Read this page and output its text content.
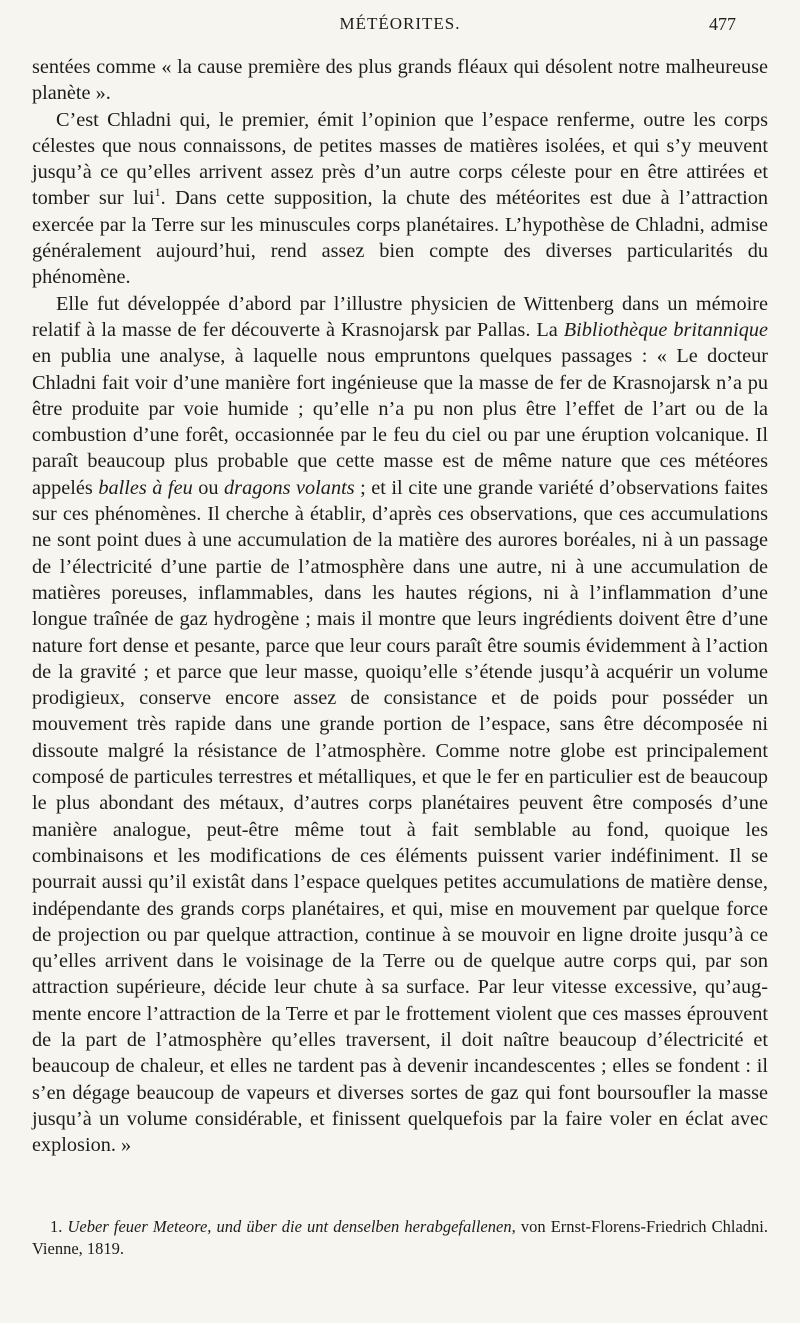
MÉTÉORITES.	477

sentées comme « la cause première des plus grands fléaux qui désolent notre malheureuse planète ».

C’est Chladni qui, le premier, émit l’opinion que l’espace renferme, outre les corps célestes que nous connaissons, de petites masses de matières isolées, et qui s’y meuvent jusqu’à ce qu’elles arrivent assez près d’un autre corps céleste pour en être attirées et tomber sur lui$^1$. Dans cette supposition, la chute des météorites est due à l’attraction exercée par la Terre sur les minuscules corps planétaires. L’hypothèse de Chladni, admise généralement aujourd’hui, rend assez bien compte des diverses particularités du phénomène.

Elle fut développée d’abord par l’illustre physicien de Wittenberg dans un mémoire relatif à la masse de fer découverte à Krasnojarsk par Pallas. La Bibliothèque britannique en publia une analyse, à laquelle nous empruntons quelques passages : « Le docteur Chladni fait voir d’une manière fort ingénieuse que la masse de fer de Krasnojarsk n’a pu être produite par voie humide ; qu’elle n’a pu non plus être l’effet de l’art ou de la combustion d’une forêt, occasionnée par le feu du ciel ou par une éruption volcanique. Il paraît beaucoup plus probable que cette masse est de même nature que ces météores appelés balles à feu ou dragons volants ; et il cite une grande variété d’observations faites sur ces phénomènes. Il cherche à établir, d’après ces observations, que ces accumulations ne sont point dues à une accumulation de la matière des aurores boréales, ni à un passage de l’électricité d’une partie de l’atmosphère dans une autre, ni à une accumulation de matières poreuses, inflammables, dans les hautes régions, ni à l’inflammation d’une longue traînée de gaz hydrogène ; mais il montre que leurs ingrédients doivent être d’une nature fort dense et pesante, parce que leur cours paraît être soumis évidemment à l’action de la gravité ; et parce que leur masse, quoiqu’elle s’étende jusqu’à acquérir un volume prodigieux, conserve encore assez de consistance et de poids pour posséder un mouvement très rapide dans une grande portion de l’espace, sans être décomposée ni dissoute malgré la résistance de l’atmosphère. Comme notre globe est principalement composé de particules terrestres et métalliques, et que le fer en particulier est de beaucoup le plus abondant des métaux, d’autres corps planétaires peuvent être composés d’une manière analogue, peut-être même tout à fait semblable au fond, quoique les combinaisons et les modifications de ces éléments puissent varier indéfiniment. Il se pourrait aussi qu’il existât dans l’espace quelques petites accumulations de matière dense, indépendante des grands corps planétaires, et qui, mise en mouvement par quelque force de projection ou par quelque attraction, continue à se mouvoir en ligne droite jusqu’à ce qu’elles arrivent dans le voisinage de la Terre ou de quelque autre corps qui, par son attraction supérieure, décide leur chute à sa surface. Par leur vitesse excessive, qu’augmente encore l’attraction de la Terre et par le frottement violent que ces masses éprouvent de la part de l’atmosphère qu’elles traversent, il doit naître beaucoup d’électricité et beaucoup de chaleur, et elles ne tardent pas à devenir incandescentes ; elles se fondent : il s’en dégage beaucoup de vapeurs et diverses sortes de gaz qui font boursoufler la masse jusqu’à un volume considérable, et finissent quelquefois par la faire voler en éclat avec explosion. »

1. Ueber feuer Meteore, und über die unt denselben herabgefallenen, von Ernst-Florens-Friedrich Chladni. Vienne, 1819.
